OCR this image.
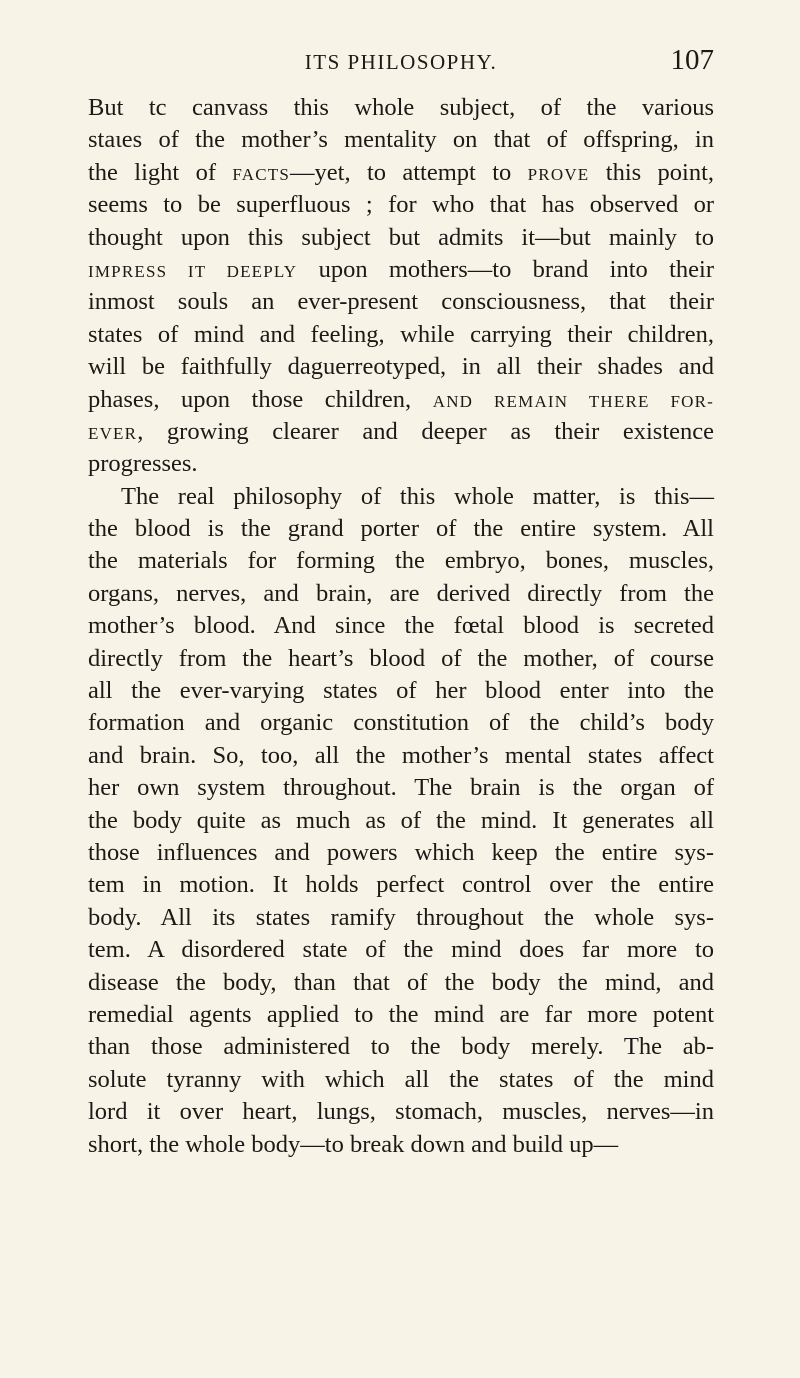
ITS PHILOSOPHY.	107
But tc canvass this whole subject, of the various
staιes of the mother’s mentality on that of offspring, in
the light of FACTS—yet, to attempt to PROVE this point,
seems to be superfluous ; for who that has observed or
thought upon this subject but admits it—but mainly to
IMPRESS IT DEEPLY upon mothers—to brand into their
inmost souls an ever-present consciousness, that their
states of mind and feeling, while carrying their children,
will be faithfully daguerreotyped, in all their shades and
phases, upon those children, AND REMAIN THERE FOR-
EVER, growing clearer and deeper as their existence
progresses.
The real philosophy of this whole matter, is this—
the blood is the grand porter of the entire system. All
the materials for forming the embryo, bones, muscles,
organs, nerves, and brain, are derived directly from the
mother’s blood. And since the fœtal blood is secreted
directly from the heart’s blood of the mother, of course
all the ever-varying states of her blood enter into the
formation and organic constitution of the child’s body
and brain. So, too, all the mother’s mental states affect
her own system throughout. The brain is the organ of
the body quite as much as of the mind. It generates all
those influences and powers which keep the entire sys-
tem in motion. It holds perfect control over the entire
body. All its states ramify throughout the whole sys-
tem. A disordered state of the mind does far more to
disease the body, than that of the body the mind, and
remedial agents applied to the mind are far more potent
than those administered to the body merely. The ab-
solute tyranny with which all the states of the mind
lord it over heart, lungs, stomach, muscles, nerves—in
short, the whole body—to break down and build up—
